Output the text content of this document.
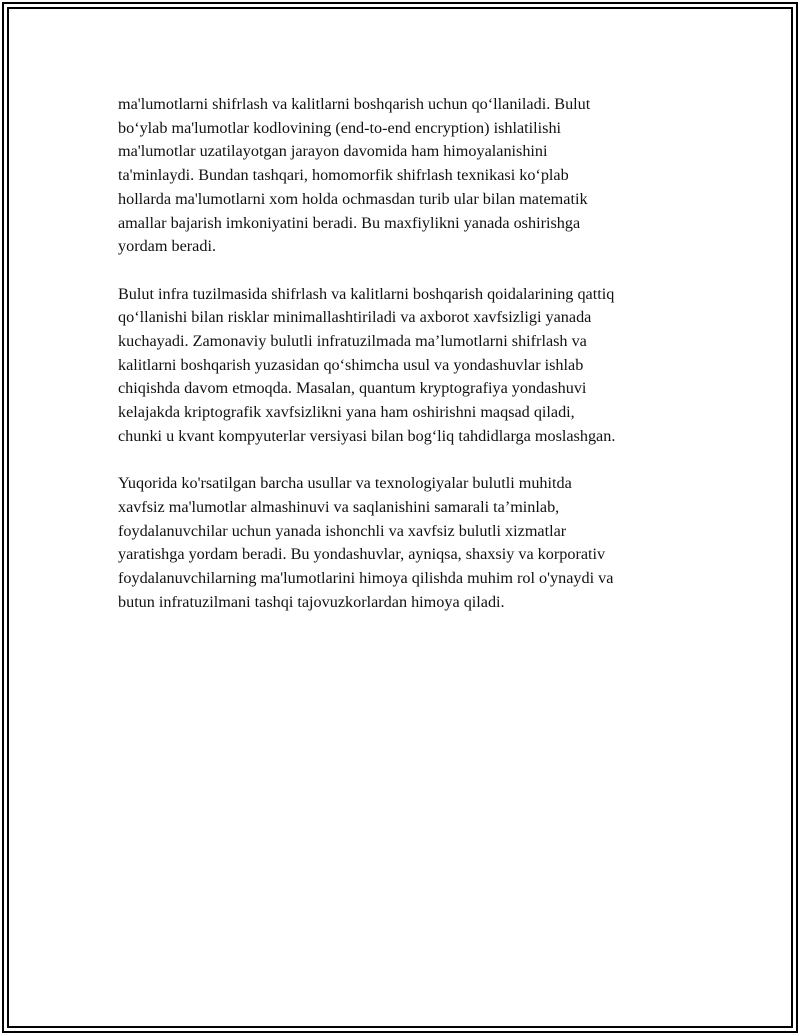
ma'lumotlarni shifrlash va kalitlarni boshqarish uchun qo‘llaniladi. Bulut
bo‘ylab ma'lumotlar kodlovining (end-to-end encryption) ishlatilishi
ma'lumotlar uzatilayotgan jarayon davomida ham himoyalanishini
ta'minlaydi. Bundan tashqari, homomorfik shifrlash texnikasi ko‘plab
hollarda ma'lumotlarni xom holda ochmasdan turib ular bilan matematik
amallar bajarish imkoniyatini beradi. Bu maxfiylikni yanada oshirishga
yordam beradi.

Bulut infra tuzilmasida shifrlash va kalitlarni boshqarish qoidalarining qattiq
qo‘llanishi bilan risklar minimallashtiriladi va axborot xavfsizligi yanada
kuchayadi. Zamonaviy bulutli infratuzilmada ma’lumotlarni shifrlash va
kalitlarni boshqarish yuzasidan qo‘shimcha usul va yondashuvlar ishlab
chiqishda davom etmoqda. Masalan, quantum kryptografiya yondashuvi
kelajakda kriptografik xavfsizlikni yana ham oshirishni maqsad qiladi,
chunki u kvant kompyuterlar versiyasi bilan bog‘liq tahdidlarga moslashgan.

Yuqorida ko'rsatilgan barcha usullar va texnologiyalar bulutli muhitda
xavfsiz ma'lumotlar almashinuvi va saqlanishini samarali ta’minlab,
foydalanuvchilar uchun yanada ishonchli va xavfsiz bulutli xizmatlar
yaratishga yordam beradi. Bu yondashuvlar, ayniqsa, shaxsiy va korporativ
foydalanuvchilarning ma'lumotlarini himoya qilishda muhim rol o'ynaydi va
butun infratuzilmani tashqi tajovuzkorlardan himoya qiladi.
